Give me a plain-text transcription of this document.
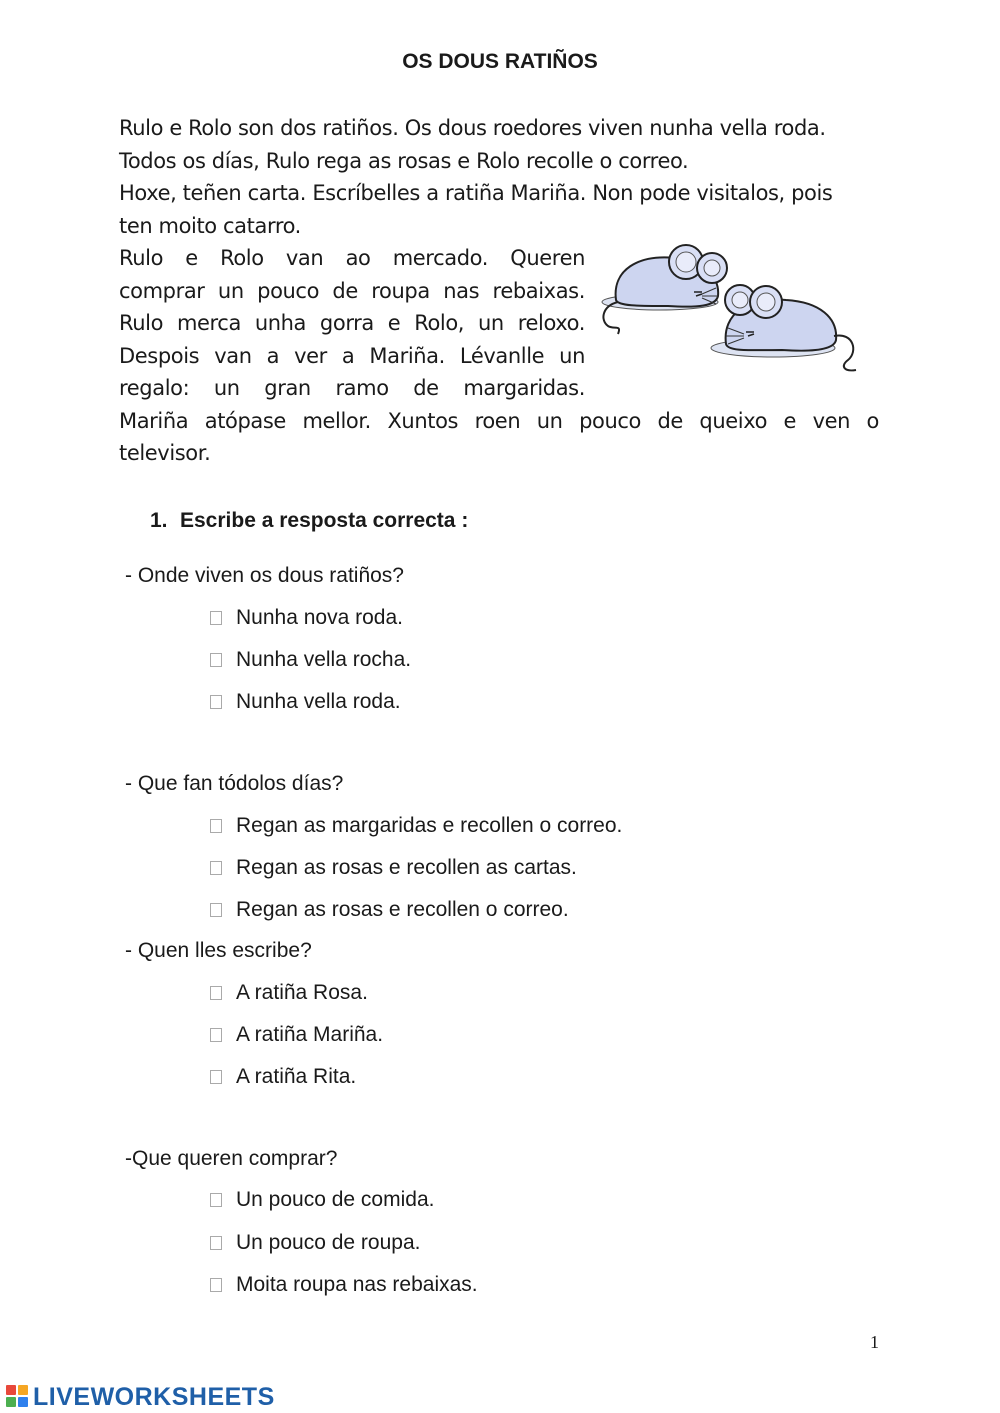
OS DOUS RATIÑOS

Rulo e Rolo son dos ratiños. Os dous roedores viven nunha vella roda.

Todos os días, Rulo rega as rosas e Rolo recolle o correo.

Hoxe, teñen carta. Escríbelles a ratiña Mariña. Non pode visitalos, pois

ten moito catarro.

Rulo e Rolo van ao mercado. Queren

comprar un pouco de roupa nas rebaixas.

Rulo merca unha gorra e Rolo, un reloxo.

Despois van a ver a Mariña. Lévanlle un

regalo: un gran ramo de margaridas.

Mariña atópase mellor. Xuntos roen un pouco de queixo e ven o

televisor.

1. Escribe a resposta correcta :
- Onde viven os dous ratiños?
Nunha nova roda.
Nunha vella rocha.
Nunha vella roda.
- Que fan tódolos días?
Regan as margaridas e recollen o correo.
Regan as rosas e recollen as cartas.
Regan as rosas e recollen o correo.
- Quen lles escribe?
A ratiña Rosa.
A ratiña Mariña.
A ratiña Rita.
-Que queren comprar?
Un pouco de comida.
Un pouco de roupa.
Moita roupa nas rebaixas.
1
LIVEWORKSHEETS
